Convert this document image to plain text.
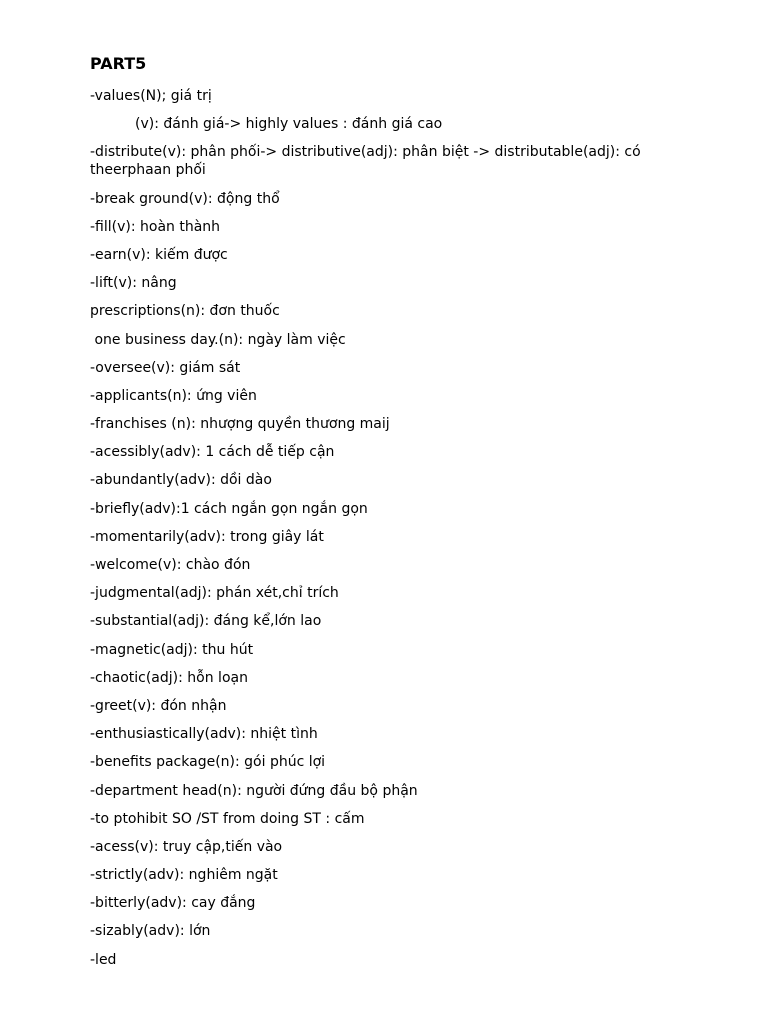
PART5
-values(N); giá trị
(v): đánh giá-> highly values : đánh giá cao
-distribute(v): phân phối-> distributive(adj): phân biệt -> distributable(adj): có theerphaan phối
-break ground(v): động thổ
-fill(v): hoàn thành
-earn(v): kiếm được
-lift(v): nâng
prescriptions(n): đơn thuốc
one business day.(n): ngày làm việc
-oversee(v): giám sát
-applicants(n): ứng viên
-franchises (n): nhượng quyền thương maij
-acessibly(adv): 1 cách dễ tiếp cận
-abundantly(adv): dồi dào
-briefly(adv):1 cách ngắn gọn ngắn gọn
-momentarily(adv): trong giây lát
-welcome(v): chào đón
-judgmental(adj): phán xét,chỉ trích
-substantial(adj): đáng kể,lớn lao
-magnetic(adj): thu hút
-chaotic(adj): hỗn loạn
-greet(v): đón nhận
-enthusiastically(adv): nhiệt tình
-benefits package(n): gói phúc lợi
-department head(n): người đứng đầu bộ phận
-to ptohibit SO /ST from doing ST : cấm
-acess(v): truy cập,tiến vào
-strictly(adv): nghiêm ngặt
-bitterly(adv): cay đắng
-sizably(adv): lớn
-led
